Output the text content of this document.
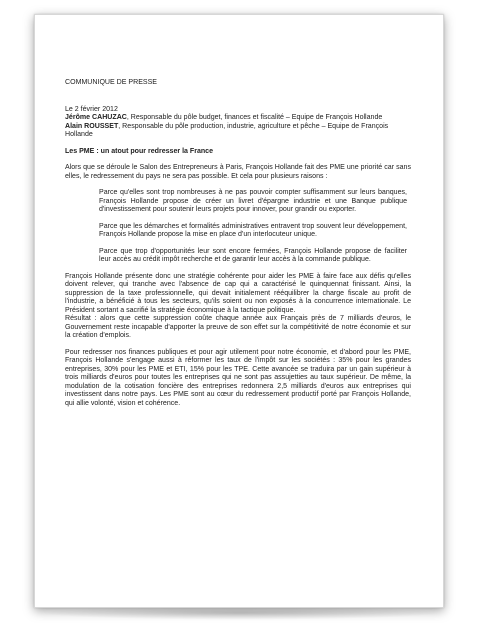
COMMUNIQUE DE PRESSE

Le 2 février 2012

Jérôme CAHUZAC, Responsable du pôle budget, finances et fiscalité – Equipe de François Hollande

Alain ROUSSET, Responsable du pôle production, industrie, agriculture et pêche – Equipe de François Hollande

Les PME : un atout pour redresser la France

Alors que se déroule le Salon des Entrepreneurs à Paris, François Hollande fait des PME une priorité car sans elles, le redressement du pays ne sera pas possible. Et cela pour plusieurs raisons :

Parce qu'elles sont trop nombreuses à ne pas pouvoir compter suffisamment sur leurs banques, François Hollande propose de créer un livret d'épargne industrie et une Banque publique d'investissement pour soutenir leurs projets pour innover, pour grandir ou exporter.

Parce que les démarches et formalités administratives entravent trop souvent leur développement, François Hollande propose la mise en place d'un interlocuteur unique.

Parce que trop d'opportunités leur sont encore fermées, François Hollande propose de faciliter leur accès au crédit impôt recherche et de garantir leur accès à la commande publique.

François Hollande présente donc une stratégie cohérente pour aider les PME à faire face aux défis qu'elles doivent relever, qui tranche avec l'absence de cap qui a caractérisé le quinquennat finissant. Ainsi, la suppression de la taxe professionnelle, qui devait initialement rééquilibrer la charge fiscale au profit de l'industrie, a bénéficié à tous les secteurs, qu'ils soient ou non exposés à la concurrence internationale. Le Président sortant a sacrifié la stratégie économique à la tactique politique.

Résultat : alors que cette suppression coûte chaque année aux Français près de 7 milliards d'euros, le Gouvernement reste incapable d'apporter la preuve de son effet sur la compétitivité de notre économie et sur la création d'emplois.

Pour redresser nos finances publiques et pour agir utilement pour notre économie, et d'abord pour les PME, François Hollande s'engage aussi à réformer les taux de l'impôt sur les sociétés : 35% pour les grandes entreprises, 30% pour les PME et ETI, 15% pour les TPE. Cette avancée se traduira par un gain supérieur à trois milliards d'euros pour toutes les entreprises qui ne sont pas assujetties au taux supérieur. De même, la modulation de la cotisation foncière des entreprises redonnera 2,5 milliards d'euros aux entreprises qui investissent dans notre pays. Les PME sont au cœur du redressement productif porté par François Hollande, qui allie volonté, vision et cohérence.
